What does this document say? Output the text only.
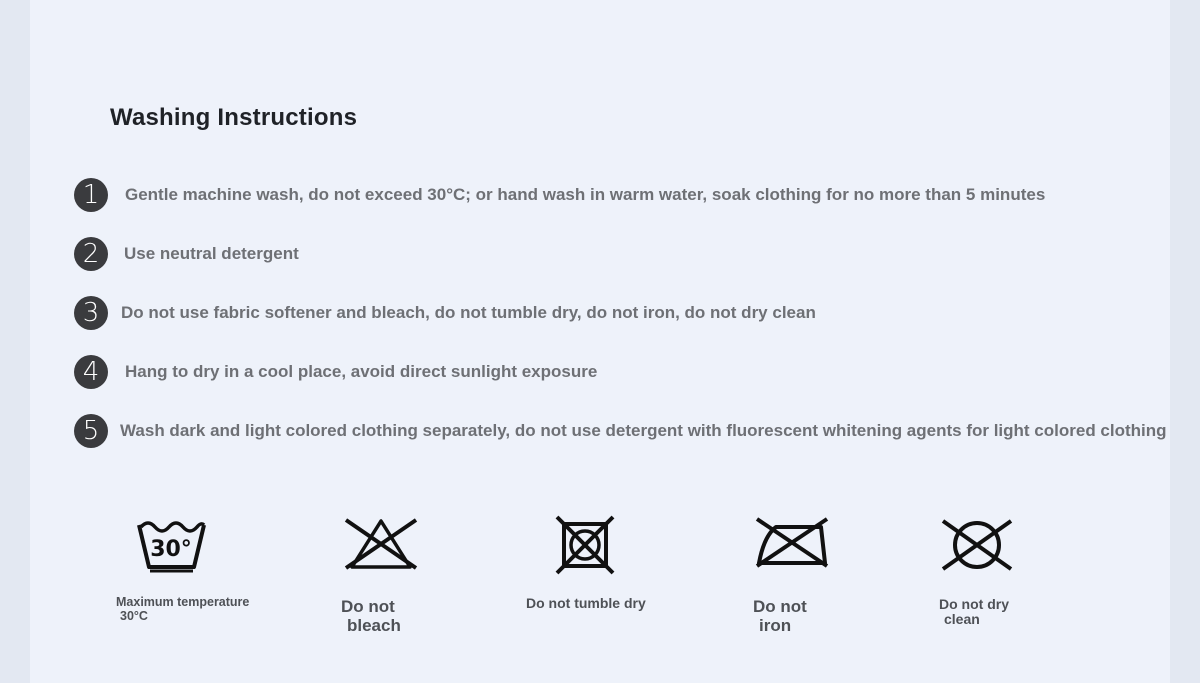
Washing Instructions
1	Gentle machine wash, do not exceed 30°C; or hand wash in warm water, soak clothing for no more than 5 minutes
2	Use neutral detergent
3	Do not use fabric softener and bleach, do not tumble dry, do not iron, do not dry clean
4	Hang to dry in a cool place, avoid direct sunlight exposure
5	Wash dark and light colored clothing separately, do not use detergent with fluorescent whitening agents for light colored clothing
30°
Maximum temperature
30°C	Do not
bleach
Do not tumble dry	Do not
iron
Do not dry
clean
